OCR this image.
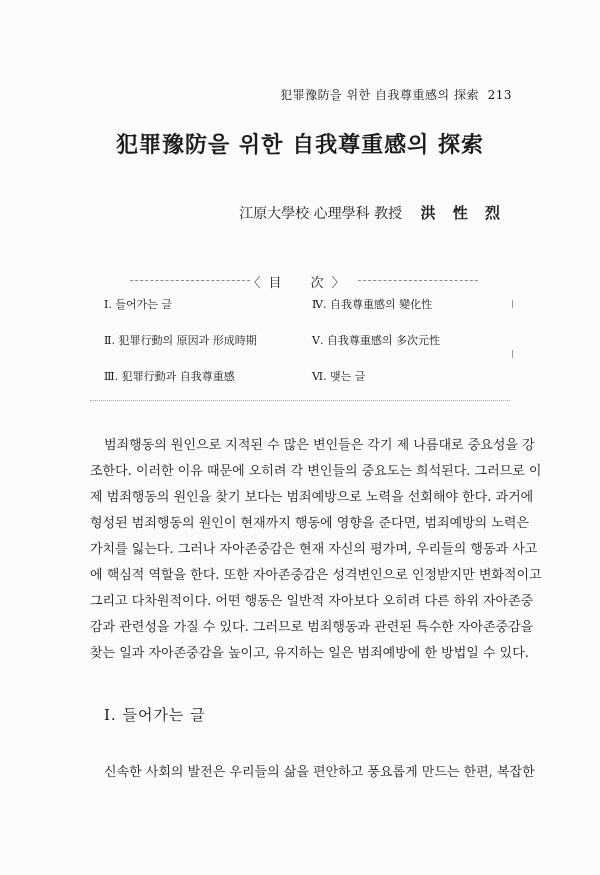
犯罪豫防을 위한 自我尊重感의 探索 213
犯罪豫防을 위한 自我尊重感의 探索
江原大學校 心理學科 教授 洪 性 烈
〈目　次〉
Ⅰ. 들어가는 글	Ⅳ. 自我尊重感의 變化性
Ⅱ. 犯罪行動의 原因과 形成時期	Ⅴ. 自我尊重感의 多次元性
Ⅲ. 犯罪行動과 自我尊重感	Ⅵ. 맺는 글
범죄행동의 원인으로 지적된 수 많은 변인들은 각기 제 나름대로 중요성을 강
조한다. 이러한 이유 때문에 오히려 각 변인들의 중요도는 희석된다. 그러므로 이
제 범죄행동의 원인을 찾기 보다는 범죄예방으로 노력을 선회해야 한다. 과거에
형성된 범죄행동의 원인이 현재까지 행동에 영향을 준다면, 범죄예방의 노력은
가치를 잃는다. 그러나 자아존중감은 현재 자신의 평가며, 우리들의 행동과 사고
에 핵심적 역할을 한다. 또한 자아존중감은 성격변인으로 인정받지만 변화적이고
그리고 다차원적이다. 어떤 행동은 일반적 자아보다 오히려 다른 하위 자아존중
감과 관련성을 가질 수 있다. 그러므로 범죄행동과 관련된 특수한 자아존중감을
찾는 일과 자아존중감을 높이고, 유지하는 일은 범죄예방에 한 방법일 수 있다.
Ⅰ. 들어가는 글
신속한 사회의 발전은 우리들의 삶을 편안하고 풍요롭게 만드는 한편, 복잡한
